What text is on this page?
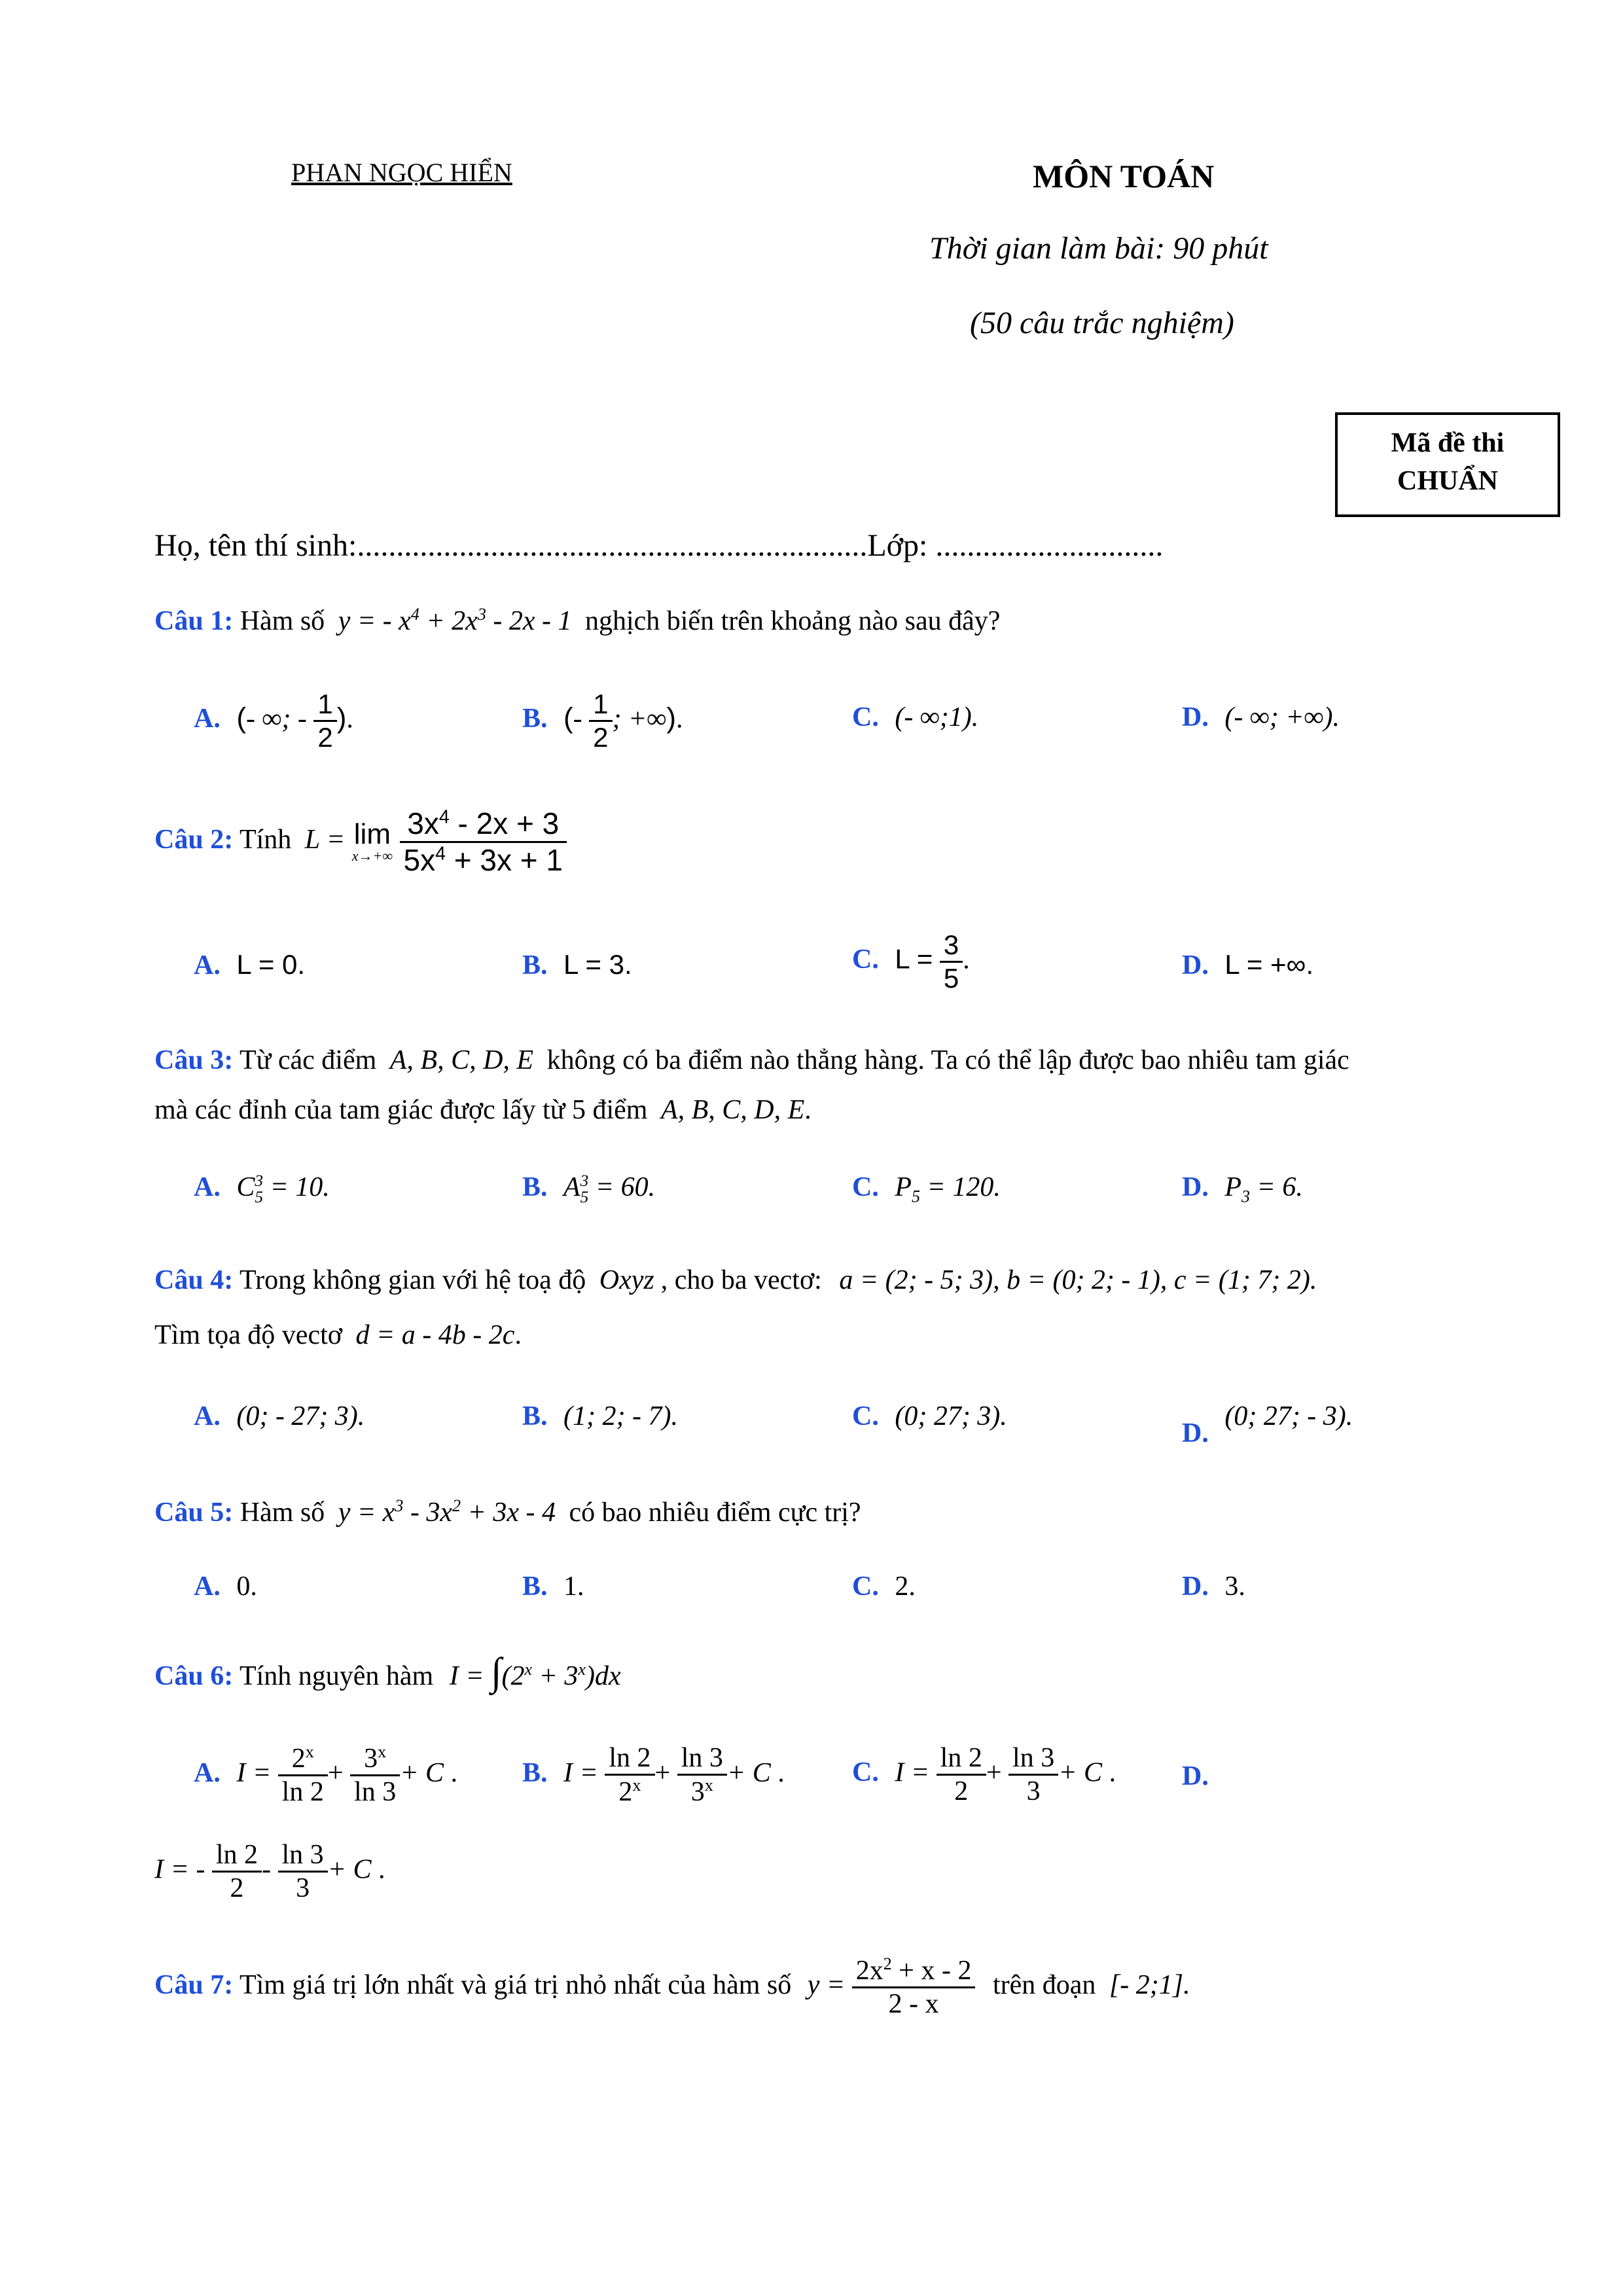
PHAN NGỌC HIỂN	MÔN TOÁN
Thời gian làm bài: 90 phút
(50 câu trắc nghiệm)
Mã đề thi
CHUẨN
Họ, tên thí sinh:.................................................................Lớp: .............................
Câu 1: Hàm số y = - $x^4 + 2x^3 - 2x - 1$ nghịch biến trên khoảng nào sau đây?
A. (- ∞; - $\frac{1}{2}$ ).	B. (- $\frac{1}{2}$ ; +∞).	C. (- ∞;1).	D. (- ∞; +∞).
Câu 2: Tính L = lim
x→+∞
$\frac{3x^4 - 2x + 3}{5x^4 + 3x + 1}$
A. L = 0.	B. L = 3.	C. $L = \frac{3}{5}$ .	D. L = +∞.
Câu 3: Từ các điểm A, B, C, D, E không có ba điểm nào thẳng hàng. Ta có thể lập được bao nhiêu tam giác
mà các đỉnh của tam giác được lấy từ 5 điểm A, B, C, D, E.
A. C 3
5 = 10.	B. A 3
5 = 60.	C. $P_5 = 120$.	D. $P_3 = 6$.
Câu 4: Trong không gian với hệ toạ độ Oxyz , cho ba vectơ: a = (2; - 5; 3), b = (0; 2; - 1), c = (1; 7; 2).
Tìm tọa độ vectơ d = a - 4b - 2c.
A. (0; - 27; 3).	B. (1; 2; - 7).	C. (0; 27; 3).
D. (0; 27; - 3).
Câu 5: Hàm số $y = x^3 - 3x^2 + 3x - 4$ có bao nhiêu điểm cực trị?
A. 0.	B. 1.	C. 2.	D. 3.
Câu 6: Tính nguyên hàm $I = \int(2^x + 3^x)dx$
A. $I = \frac{2^x}{\ln 2} + \frac{3^x}{\ln 3} + C$ . B. $I = \frac{\ln 2}{2^x} + \frac{\ln 3}{3^x} + C$ . C. $I = \frac{\ln 2}{2} + \frac{\ln 3}{3} + C$ . D.
I = - $\frac{\ln 2}{2} - \frac{\ln 3}{3} + C$ .
Câu 7: Tìm giá trị lớn nhất và giá trị nhỏ nhất của hàm số $y = \frac{2x^2 + x - 2}{2 - x}$ trên đoạn [- 2;1].
